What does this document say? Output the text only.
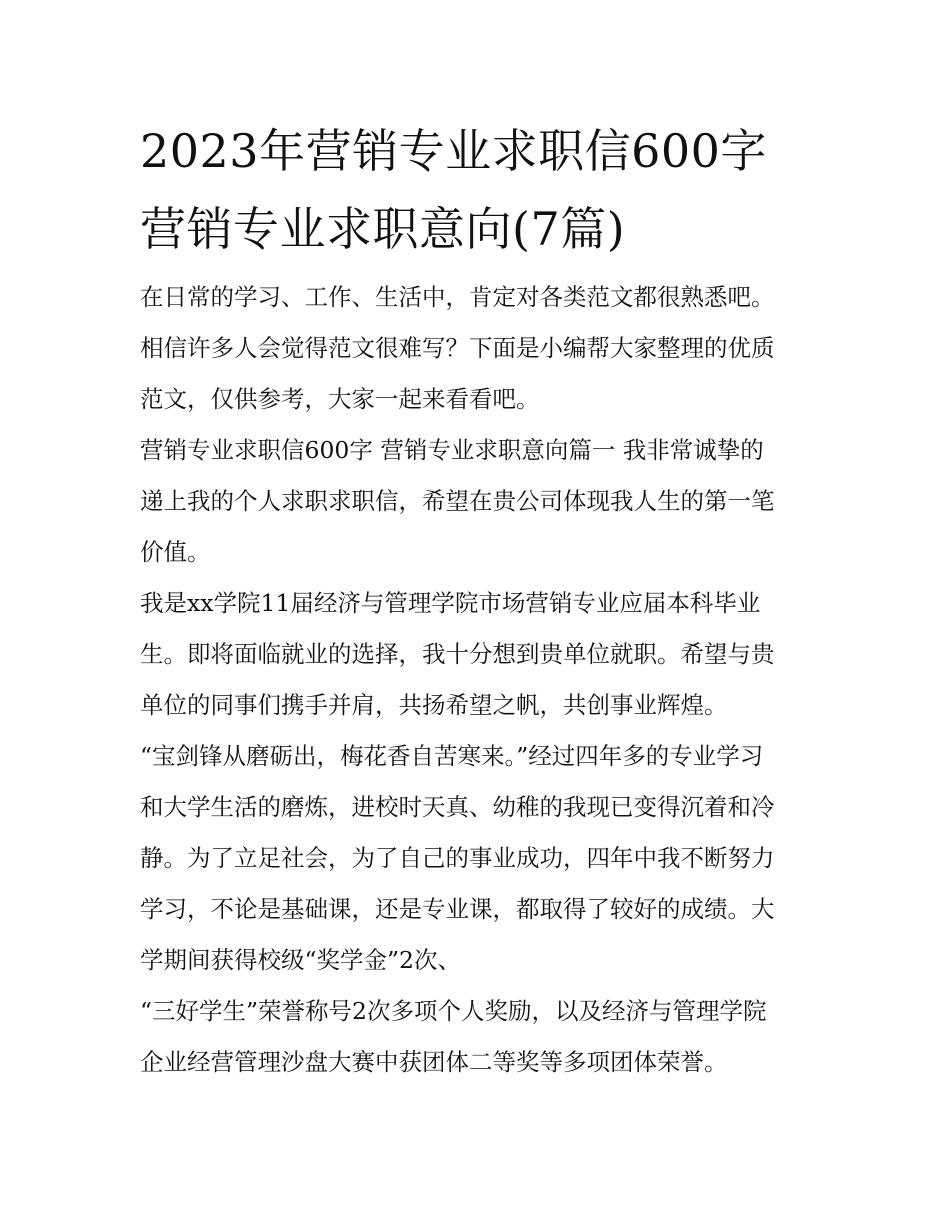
2023年营销专业求职信600字
营销专业求职意向(7篇)

在日常的学习、工作、生活中，肯定对各类范文都很熟悉吧。
相信许多人会觉得范文很难写？下面是小编帮大家整理的优质
范文，仅供参考，大家一起来看看吧。

营销专业求职信600字 营销专业求职意向篇一 我非常诚挚的
递上我的个人求职求职信，希望在贵公司体现我人生的第一笔
价值。

我是xx学院11届经济与管理学院市场营销专业应届本科毕业
生。即将面临就业的选择，我十分想到贵单位就职。希望与贵
单位的同事们携手并肩，共扬希望之帆，共创事业辉煌。

“宝剑锋从磨砺出，梅花香自苦寒来。”经过四年多的专业学习
和大学生活的磨炼，进校时天真、幼稚的我现已变得沉着和冷
静。为了立足社会，为了自己的事业成功，四年中我不断努力
学习，不论是基础课，还是专业课，都取得了较好的成绩。大
学期间获得校级“奖学金”2次、

“三好学生”荣誉称号2次多项个人奖励，以及经济与管理学院
企业经营管理沙盘大赛中获团体二等奖等多项团体荣誉。
